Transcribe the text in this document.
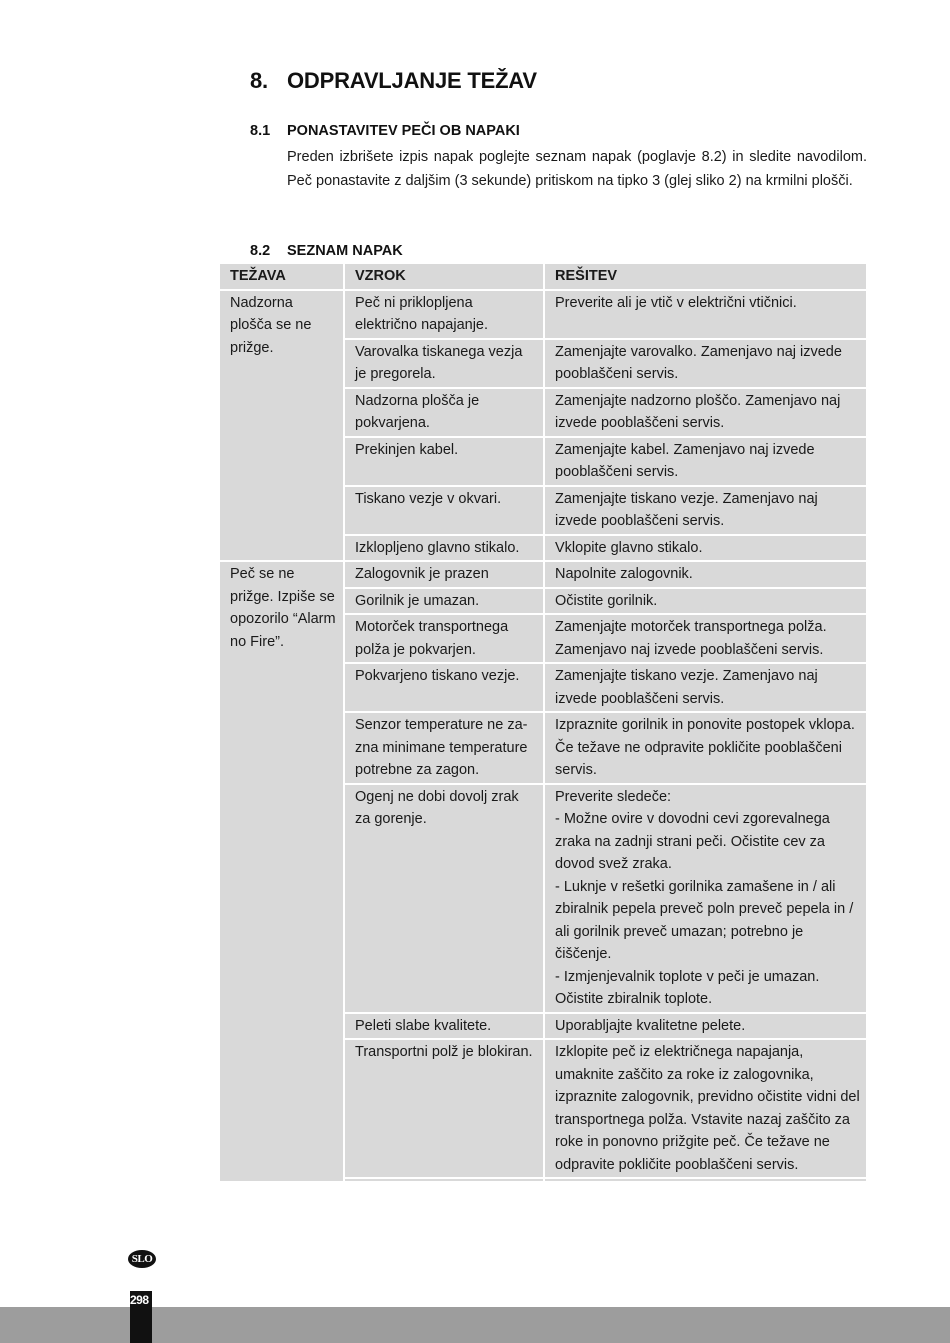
8. ODPRAVLJANJE TEŽAV
8.1 PONASTAVITEV PEČI OB NAPAKI

Preden izbrišete izpis napak poglejte seznam napak (poglavje 8.2) in sledite navodilom. Peč ponastavite z daljšim (3 sekunde) pritiskom na tipko 3 (glej sliko 2) na krmilni plošči.

8.2 SEZNAM NAPAK
TEŽAVA	VZROK	REŠITEV
Nadzorna
plošča se ne
prižge.	Peč ni priklopljena električno napajanje.	Preverite ali je vtič v električni vtičnici.
	Varovalka tiskanega vezja je pregorela.	Zamenjajte varovalko. Zamenjavo naj izvede pooblaščeni servis.
	Nadzorna plošča je pokvarjena.	Zamenjajte nadzorno ploščo. Zamenjavo naj izvede pooblaščeni servis.
	Prekinjen kabel.	Zamenjajte kabel. Zamenjavo naj izvede pooblaščeni servis.
	Tiskano vezje v okvari.	Zamenjajte tiskano vezje. Zamenjavo naj izvede pooblaščeni servis.
	Izklopljeno glavno stikalo.	Vklopite glavno stikalo.
Peč se ne
prižge. Izpiše se
opozorilo “Alarm
no Fire”.	Zalogovnik je prazen	Napolnite zalogovnik.
	Gorilnik je umazan.	Očistite gorilnik.
	Motorček transportnega polža je pokvarjen.	Zamenjajte motorček transportnega polža. Zamenjavo naj izvede pooblaščeni servis.
	Pokvarjeno tiskano vezje.	Zamenjajte tiskano vezje. Zamenjavo naj izvede pooblaščeni servis.
	Senzor temperature ne za-
zna minimane temperature
potrebne za zagon.	Izpraznite gorilnik in ponovite postopek vklopa. Če težave ne odpravite pokličite pooblaščeni servis.
	Ogenj ne dobi dovolj zrak za gorenje.	Preverite sledeče:
- Možne ovire v dovodni cevi zgorevalnega zraka na zadnji strani peči. Očistite cev za dovod svež zraka.
- Luknje v rešetki gorilnika zamašene in / ali zbiralnik pepela preveč poln preveč pepela in / ali gorilnik preveč umazan; potrebno je čiščenje.
- Izmjenjevalnik toplote v peči je umazan. Očistite zbiralnik toplote.
	Peleti slabe kvalitete.	Uporabljajte kvalitetne pelete.
	Transportni polž je blokiran.	Izklopite peč iz električnega napajanja, umaknite zaščito za roke iz zalogovnika, izpraznite zalogovnik, previdno očistite vidni del transportnega polža. Vstavite nazaj zaščito za roke in ponovno prižgite peč. Če težave ne odpravite pokličite pooblaščeni servis.

SLO
298
